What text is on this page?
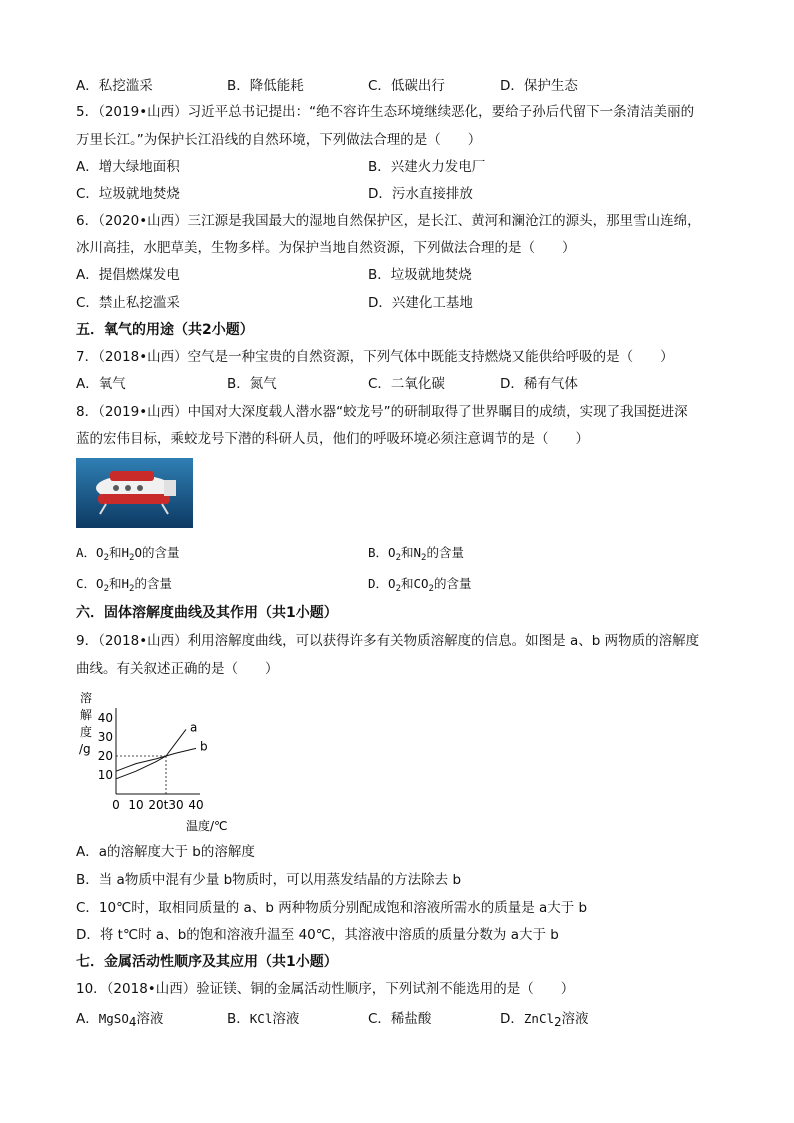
A．私挖滥采	B．降低能耗	C．低碳出行	D．保护生态
5．（2019•山西）习近平总书记提出：“绝不容许生态环境继续恶化，要给子孙后代留下一条清洁美丽的
万里长江。”为保护长江沿线的自然环境，下列做法合理的是（　　）
A．增大绿地面积	B．兴建火力发电厂
C．垃圾就地焚烧	D．污水直接排放
6．（2020•山西）三江源是我国最大的湿地自然保护区，是长江、黄河和澜沧江的源头，那里雪山连绵，
冰川高挂，水肥草美，生物多样。为保护当地自然资源，下列做法合理的是（　　）
A．提倡燃煤发电	B．垃圾就地焚烧
C．禁止私挖滥采	D．兴建化工基地
五．氧气的用途（共2小题）
7．（2018•山西）空气是一种宝贵的自然资源，下列气体中既能支持燃烧又能供给呼吸的是（　　）
A．氧气	B．氮气	C．二氧化碳	D．稀有气体
8．（2019•山西）中国对大深度载人潜水器“蛟龙号”的研制取得了世界瞩目的成绩，实现了我国挺进深
蓝的宏伟目标，乘蛟龙号下潜的科研人员，他们的呼吸环境必须注意调节的是（　　）
A．$O_2$和$H_2O$的含量	B．$O_2$和$N_2$的含量
C．$O_2$和$H_2$的含量	D．$O_2$和$CO_2$的含量
六．固体溶解度曲线及其作用（共1小题）
9．（2018•山西）利用溶解度曲线，可以获得许多有关物质溶解度的信息。如图是 a、b 两物质的溶解度
曲线。有关叙述正确的是（　　）
溶
解
度
/g
10
20
30
40
0 10 20 t 30 40
a
b
温度/℃
A．a的溶解度大于 b的溶解度
B．当 a物质中混有少量 b物质时，可以用蒸发结晶的方法除去 b
C．10℃时，取相同质量的 a、b 两种物质分别配成饱和溶液所需水的质量是 a大于 b
D．将 t℃时 a、b的饱和溶液升温至 40℃，其溶液中溶质的质量分数为 a大于 b
七．金属活动性顺序及其应用（共1小题）
10．（2018•山西）验证镁、铜的金属活动性顺序，下列试剂不能选用的是（　　）
A．MgSO$_4$溶液	B．KCl溶液	C．稀盐酸	D．ZnCl$_2$溶液
